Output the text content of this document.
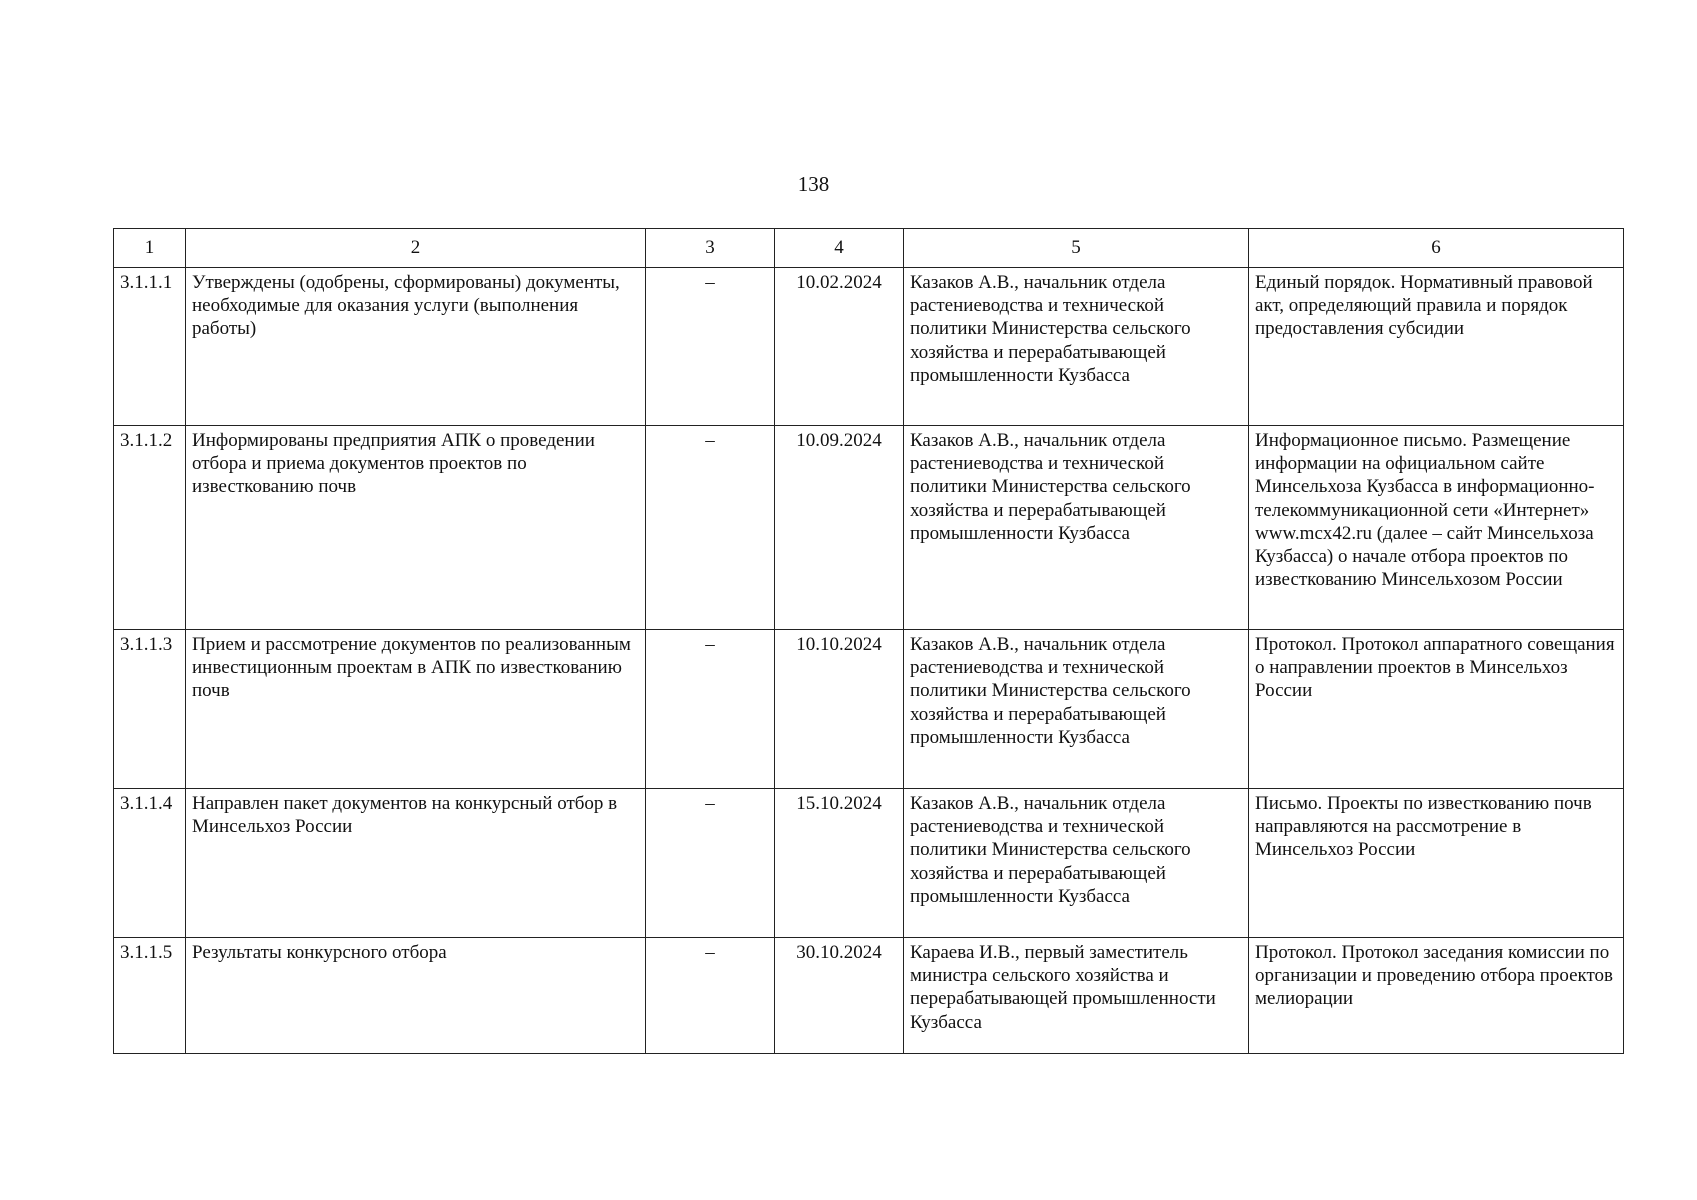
138
1	2	3	4	5	6
3.1.1.1	Утверждены (одобрены, сформированы) документы, необходимые для оказания услуги (выполнения работы)	–	10.02.2024	Казаков А.В., начальник отдела растениеводства и технической политики Министерства сельского хозяйства и перерабатывающей промышленности Кузбасса	Единый порядок. Нормативный правовой акт, определяющий правила и порядок предоставления субсидии
3.1.1.2	Информированы предприятия АПК о проведении отбора и приема документов проектов по известкованию почв	–	10.09.2024	Казаков А.В., начальник отдела растениеводства и технической политики Министерства сельского хозяйства и перерабатывающей промышленности Кузбасса	Информационное письмо. Размещение информации на официальном сайте Минсельхоза Кузбасса в информационно-телекоммуникационной сети «Интернет» www.mcx42.ru (далее – сайт Минсельхоза Кузбасса) о начале отбора проектов по известкованию Минсельхозом России
3.1.1.3	Прием и рассмотрение документов по реализованным инвестиционным проектам в АПК по известкованию почв	–	10.10.2024	Казаков А.В., начальник отдела растениеводства и технической политики Министерства сельского хозяйства и перерабатывающей промышленности Кузбасса	Протокол. Протокол аппаратного совещания о направлении проектов в Минсельхоз России
3.1.1.4	Направлен пакет документов на конкурсный отбор в Минсельхоз России	–	15.10.2024	Казаков А.В., начальник отдела растениеводства и технической политики Министерства сельского хозяйства и перерабатывающей промышленности Кузбасса	Письмо. Проекты по известкованию почв направляются на рассмотрение в Минсельхоз России
3.1.1.5	Результаты конкурсного отбора	–	30.10.2024	Караева И.В., первый заместитель министра сельского хозяйства и перерабатывающей промышленности Кузбасса	Протокол. Протокол заседания комиссии по организации и проведению отбора проектов мелиорации
